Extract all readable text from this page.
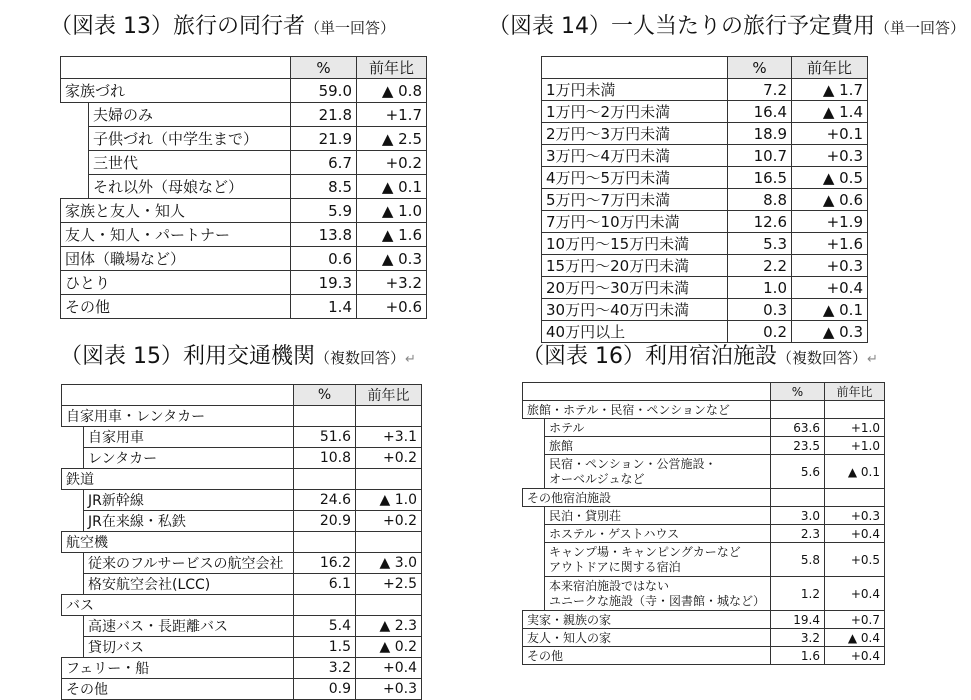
（図表 13）旅行の同行者（単一回答）	（図表 14）一人当たりの旅行予定費用（単一回答）
（図表 15）利用交通機関（複数回答）↵	（図表 16）利用宿泊施設（複数回答）↵
		%	前年比
家族づれ		59.0	▲ 0.8
	夫婦のみ	21.8	+1.7
	子供づれ（中学生まで）	21.9	▲ 2.5
	三世代	6.7	+0.2
	それ以外（母娘など）	8.5	▲ 0.1
家族と友人・知人		5.9	▲ 1.0
友人・知人・パートナー		13.8	▲ 1.6
団体（職場など）		0.6	▲ 0.3
ひとり		19.3	+3.2
その他		1.4	+0.6
	%	前年比
1万円未満	7.2	▲ 1.7
1万円～2万円未満	16.4	▲ 1.4
2万円～3万円未満	18.9	+0.1
3万円～4万円未満	10.7	+0.3
4万円～5万円未満	16.5	▲ 0.5
5万円～7万円未満	8.8	▲ 0.6
7万円～10万円未満	12.6	+1.9
10万円～15万円未満	5.3	+1.6
15万円～20万円未満	2.2	+0.3
20万円～30万円未満	1.0	+0.4
30万円～40万円未満	0.3	▲ 0.1
40万円以上	0.2	▲ 0.3
		%	前年比
自家用車・レンタカー			
	自家用車	51.6	+3.1
	レンタカー	10.8	+0.2
鉄道			
	JR新幹線	24.6	▲ 1.0
	JR在来線・私鉄	20.9	+0.2
航空機			
	従来のフルサービスの航空会社	16.2	▲ 3.0
	格安航空会社(LCC)	6.1	+2.5
バス			
	高速バス・長距離バス	5.4	▲ 2.3
	貸切バス	1.5	▲ 0.2
フェリー・船		3.2	+0.4
その他		0.9	+0.3
		%	前年比
旅館・ホテル・民宿・ペンションなど			
	ホテル	63.6	+1.0
	旅館	23.5	+1.0

	民宿・ペンション・公営施設・
オーベルジュなど	5.6	▲ 0.1
その他宿泊施設			
	民泊・貸別荘	3.0	+0.3
	ホステル・ゲストハウス	2.3	+0.4

	キャンプ場・キャンピングカーなど
アウトドアに関する宿泊	5.8	+0.5

	本来宿泊施設ではない
ユニークな施設（寺・図書館・城など）	1.2	+0.4
実家・親族の家		19.4	+0.7
友人・知人の家		3.2	▲ 0.4
その他		1.6	+0.4
